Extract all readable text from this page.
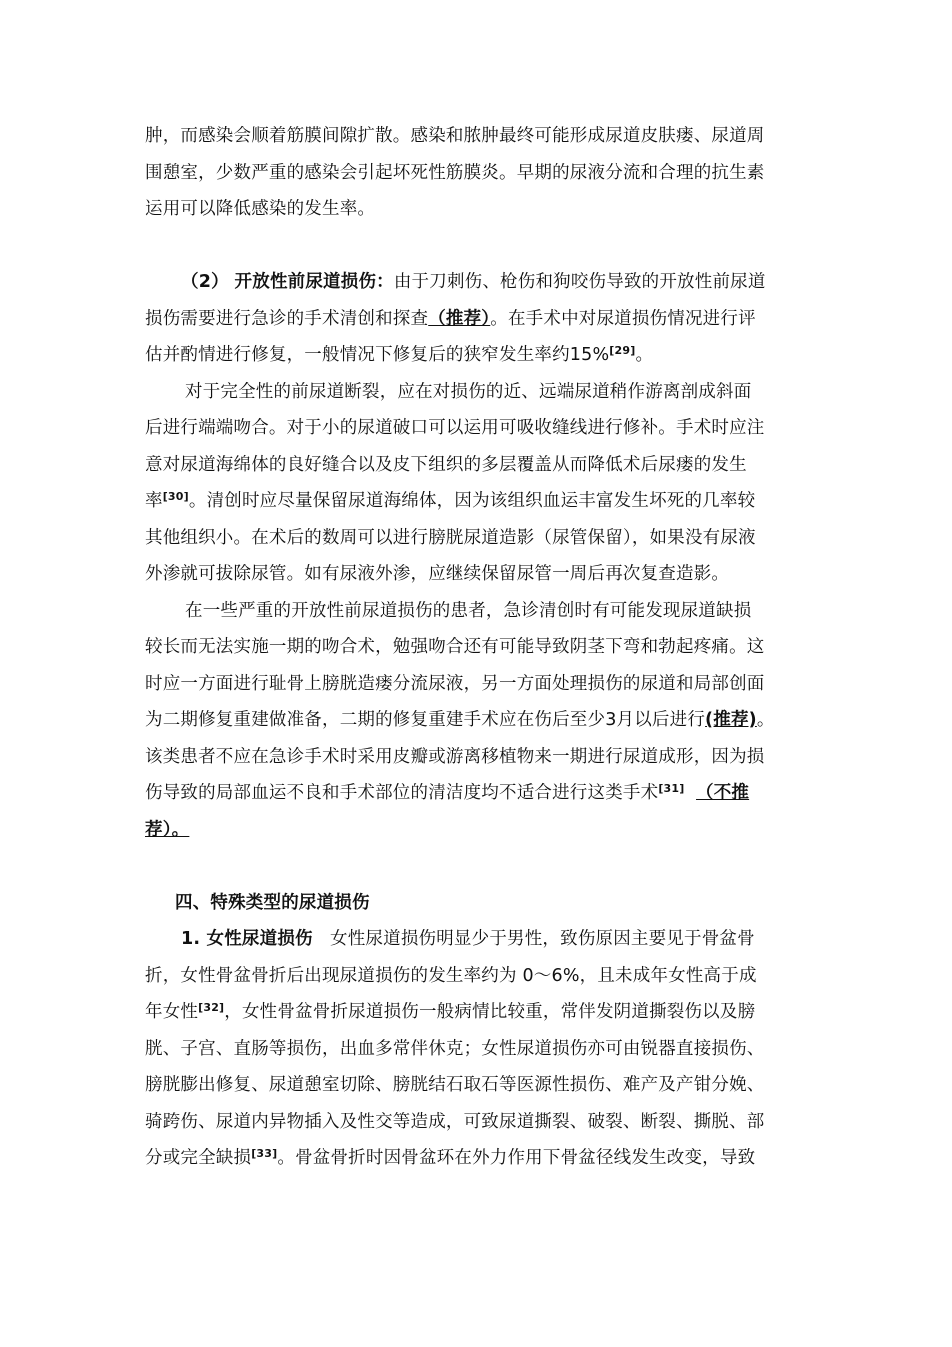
肿，而感染会顺着筋膜间隙扩散。感染和脓肿最终可能形成尿道皮肤瘘、尿道周
围憩室，少数严重的感染会引起坏死性筋膜炎。早期的尿液分流和合理的抗生素
运用可以降低感染的发生率。
（2） 开放性前尿道损伤：由于刀刺伤、枪伤和狗咬伤导致的开放性前尿道
损伤需要进行急诊的手术清创和探查（推荐）。在手术中对尿道损伤情况进行评
估并酌情进行修复，一般情况下修复后的狭窄发生率约15%[29]。
对于完全性的前尿道断裂，应在对损伤的近、远端尿道稍作游离剖成斜面
后进行端端吻合。对于小的尿道破口可以运用可吸收缝线进行修补。手术时应注
意对尿道海绵体的良好缝合以及皮下组织的多层覆盖从而降低术后尿瘘的发生
率[30]。清创时应尽量保留尿道海绵体，因为该组织血运丰富发生坏死的几率较
其他组织小。在术后的数周可以进行膀胱尿道造影（尿管保留），如果没有尿液
外渗就可拔除尿管。如有尿液外渗，应继续保留尿管一周后再次复查造影。
在一些严重的开放性前尿道损伤的患者，急诊清创时有可能发现尿道缺损
较长而无法实施一期的吻合术，勉强吻合还有可能导致阴茎下弯和勃起疼痛。这
时应一方面进行耻骨上膀胱造瘘分流尿液，另一方面处理损伤的尿道和局部创面
为二期修复重建做准备，二期的修复重建手术应在伤后至少3月以后进行(推荐)。
该类患者不应在急诊手术时采用皮瓣或游离移植物来一期进行尿道成形，因为损
伤导致的局部血运不良和手术部位的清洁度均不适合进行这类手术[31] （不推
荐）。
四、特殊类型的尿道损伤
1. 女性尿道损伤 女性尿道损伤明显少于男性，致伤原因主要见于骨盆骨
折，女性骨盆骨折后出现尿道损伤的发生率约为 0～6%，且未成年女性高于成
年女性[32]，女性骨盆骨折尿道损伤一般病情比较重，常伴发阴道撕裂伤以及膀
胱、子宫、直肠等损伤，出血多常伴休克；女性尿道损伤亦可由锐器直接损伤、
膀胱膨出修复、尿道憩室切除、膀胱结石取石等医源性损伤、难产及产钳分娩、
骑跨伤、尿道内异物插入及性交等造成，可致尿道撕裂、破裂、断裂、撕脱、部
分或完全缺损[33]。骨盆骨折时因骨盆环在外力作用下骨盆径线发生改变，导致
